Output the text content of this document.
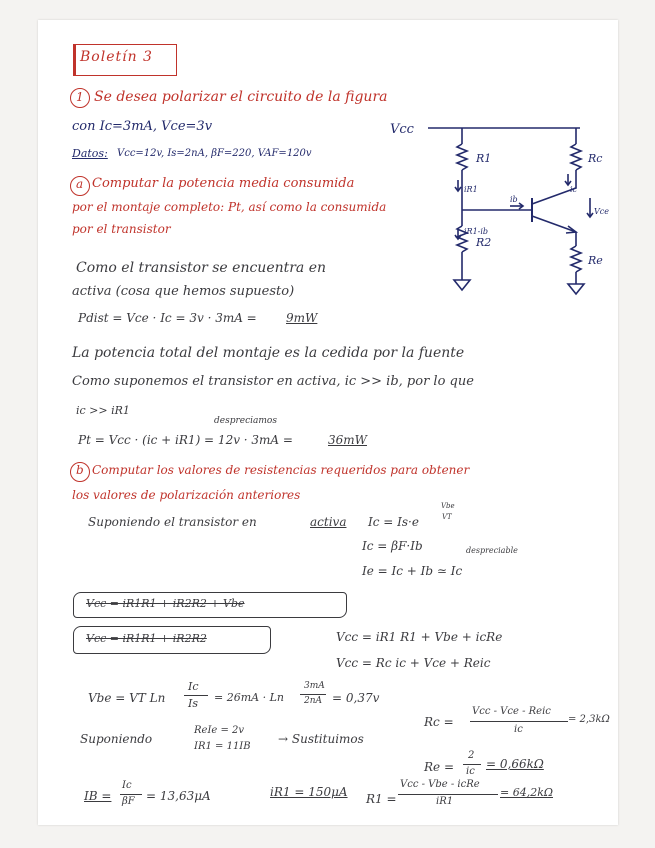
Boletín 3
1 Se desea polarizar el circuito de la figura
con Ic=3mA, Vce=3v
Datos: Vcc=12v, Is=2nA, βF=220, VAF=120v
a Computar la potencia media consumida
por el montaje completo: Pt, así como la consumida
por el transistor
Como el transistor se encuentra en
activa (cosa que hemos supuesto)
Pdist = Vce · Ic = 3v · 3mA = 9mW
La potencia total del montaje es la cedida por la fuente
Como suponemos el transistor en activa, ic >> ib, por lo que
ic >> iR1
despreciamos
Pt = Vcc · (ic + iR1) = 12v · 3mA =	36mW
b Computar los valores de resistencias requeridos para obtener
los valores de polarización anteriores
Suponiendo el transistor en	activa Ic = Is·e
Vbe
VT
Ic = βF·Ib	despreciable
Ie = Ic + Ib ≃ Ic
Vcc = iR1R1 + iR2R2 + Vbe
Vcc = iR1R1 + iR2R2	Vcc = iR1 R1 + Vbe + icRe
Vcc = Rc ic + Vce + Reic
Vbe = VT Ln
Ic
Is = 26mA · Ln
3mA
2nA = 0,37v
Suponiendo
ReIe = 2v
IR1 = 11IB
→ Sustituimos
Rc =
Vcc - Vce - Reic
ic
= 2,3kΩ
Re =
2
ic
= 0,66kΩ
IB =
Ic
βF = 13,63μA	iR1 = 150μA R1 =
Vcc - Vbe - icRe
iR1
= 64,2kΩ
Vcc
R1	Rc
R2
Re
iR1	ic
ib
iR1-ib
Vce
